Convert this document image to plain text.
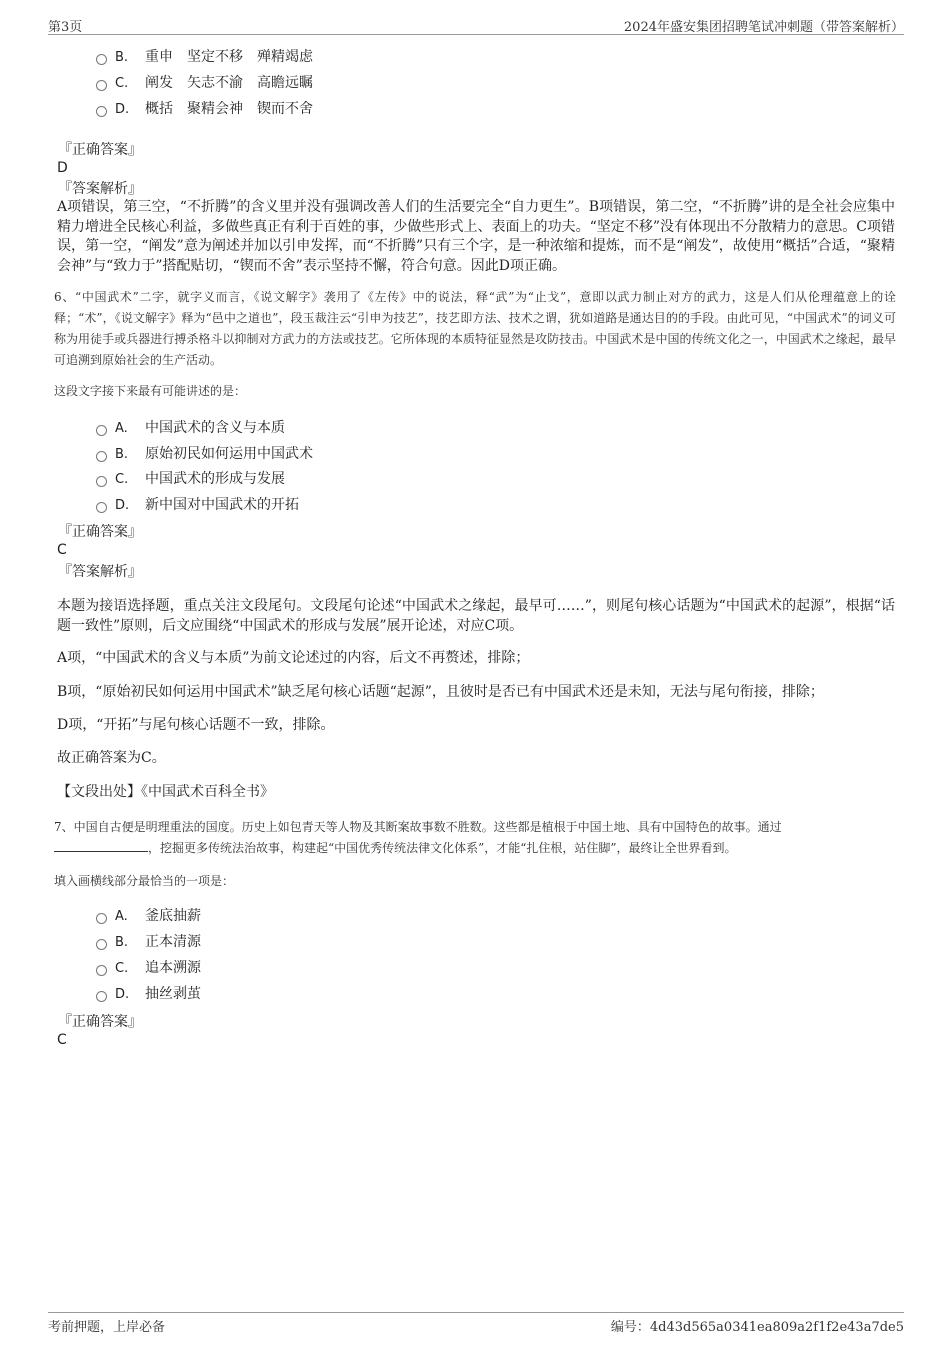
第3页	2024年盛安集团招聘笔试冲刺题（带答案解析）
B. 重申 坚定不移 殚精竭虑
C. 阐发 矢志不渝 高瞻远瞩
D. 概括 聚精会神 锲而不舍
『正确答案』
D
『答案解析』
A项错误，第三空，“不折腾”的含义里并没有强调改善人们的生活要完全“自力更生”。B项错误，第二空，“不折腾”讲的是全社会应集中精力增进全民核心利益，多做些真正有利于百姓的事，少做些形式上、表面上的功夫。“坚定不移”没有体现出不分散精力的意思。C项错误，第一空，“阐发”意为阐述并加以引申发挥，而“不折腾”只有三个字，是一种浓缩和提炼，而不是“阐发”，故使用“概括”合适，“聚精会神”与“致力于”搭配贴切，“锲而不舍”表示坚持不懈，符合句意。因此D项正确。
6、“中国武术”二字，就字义而言，《说文解字》袭用了《左传》中的说法，释“武”为“止戈”，意即以武力制止对方的武力，这是人们从伦理蕴意上的诠释；“术”，《说文解字》释为“邑中之道也”，段玉裁注云“引申为技艺”，技艺即方法、技术之谓，犹如道路是通达目的的手段。由此可见，“中国武术”的词义可称为用徒手或兵器进行搏杀格斗以抑制对方武力的方法或技艺。它所体现的本质特征显然是攻防技击。中国武术是中国的传统文化之一，中国武术之缘起，最早可追溯到原始社会的生产活动。
这段文字接下来最有可能讲述的是：
A. 中国武术的含义与本质
B. 原始初民如何运用中国武术
C. 中国武术的形成与发展
D. 新中国对中国武术的开拓
『正确答案』
C
『答案解析』
本题为接语选择题，重点关注文段尾句。文段尾句论述“中国武术之缘起，最早可……”，则尾句核心话题为“中国武术的起源”，根据“话题一致性”原则，后文应围绕“中国武术的形成与发展”展开论述，对应C项。
A项，“中国武术的含义与本质”为前文论述过的内容，后文不再赘述，排除；
B项，“原始初民如何运用中国武术”缺乏尾句核心话题“起源”，且彼时是否已有中国武术还是未知，无法与尾句衔接，排除；
D项，“开拓”与尾句核心话题不一致，排除。
故正确答案为C。
【文段出处】《中国武术百科全书》
7、中国自古便是明理重法的国度。历史上如包青天等人物及其断案故事数不胜数。这些都是植根于中国土地、具有中国特色的故事。通过
，挖掘更多传统法治故事，构建起“中国优秀传统法律文化体系”，才能“扎住根，站住脚”，最终让全世界看到。
填入画横线部分最恰当的一项是：
A. 釜底抽薪
B. 正本清源
C. 追本溯源
D. 抽丝剥茧
『正确答案』
C
考前押题，上岸必备	编号：4d43d565a0341ea809a2f1f2e43a7de5
